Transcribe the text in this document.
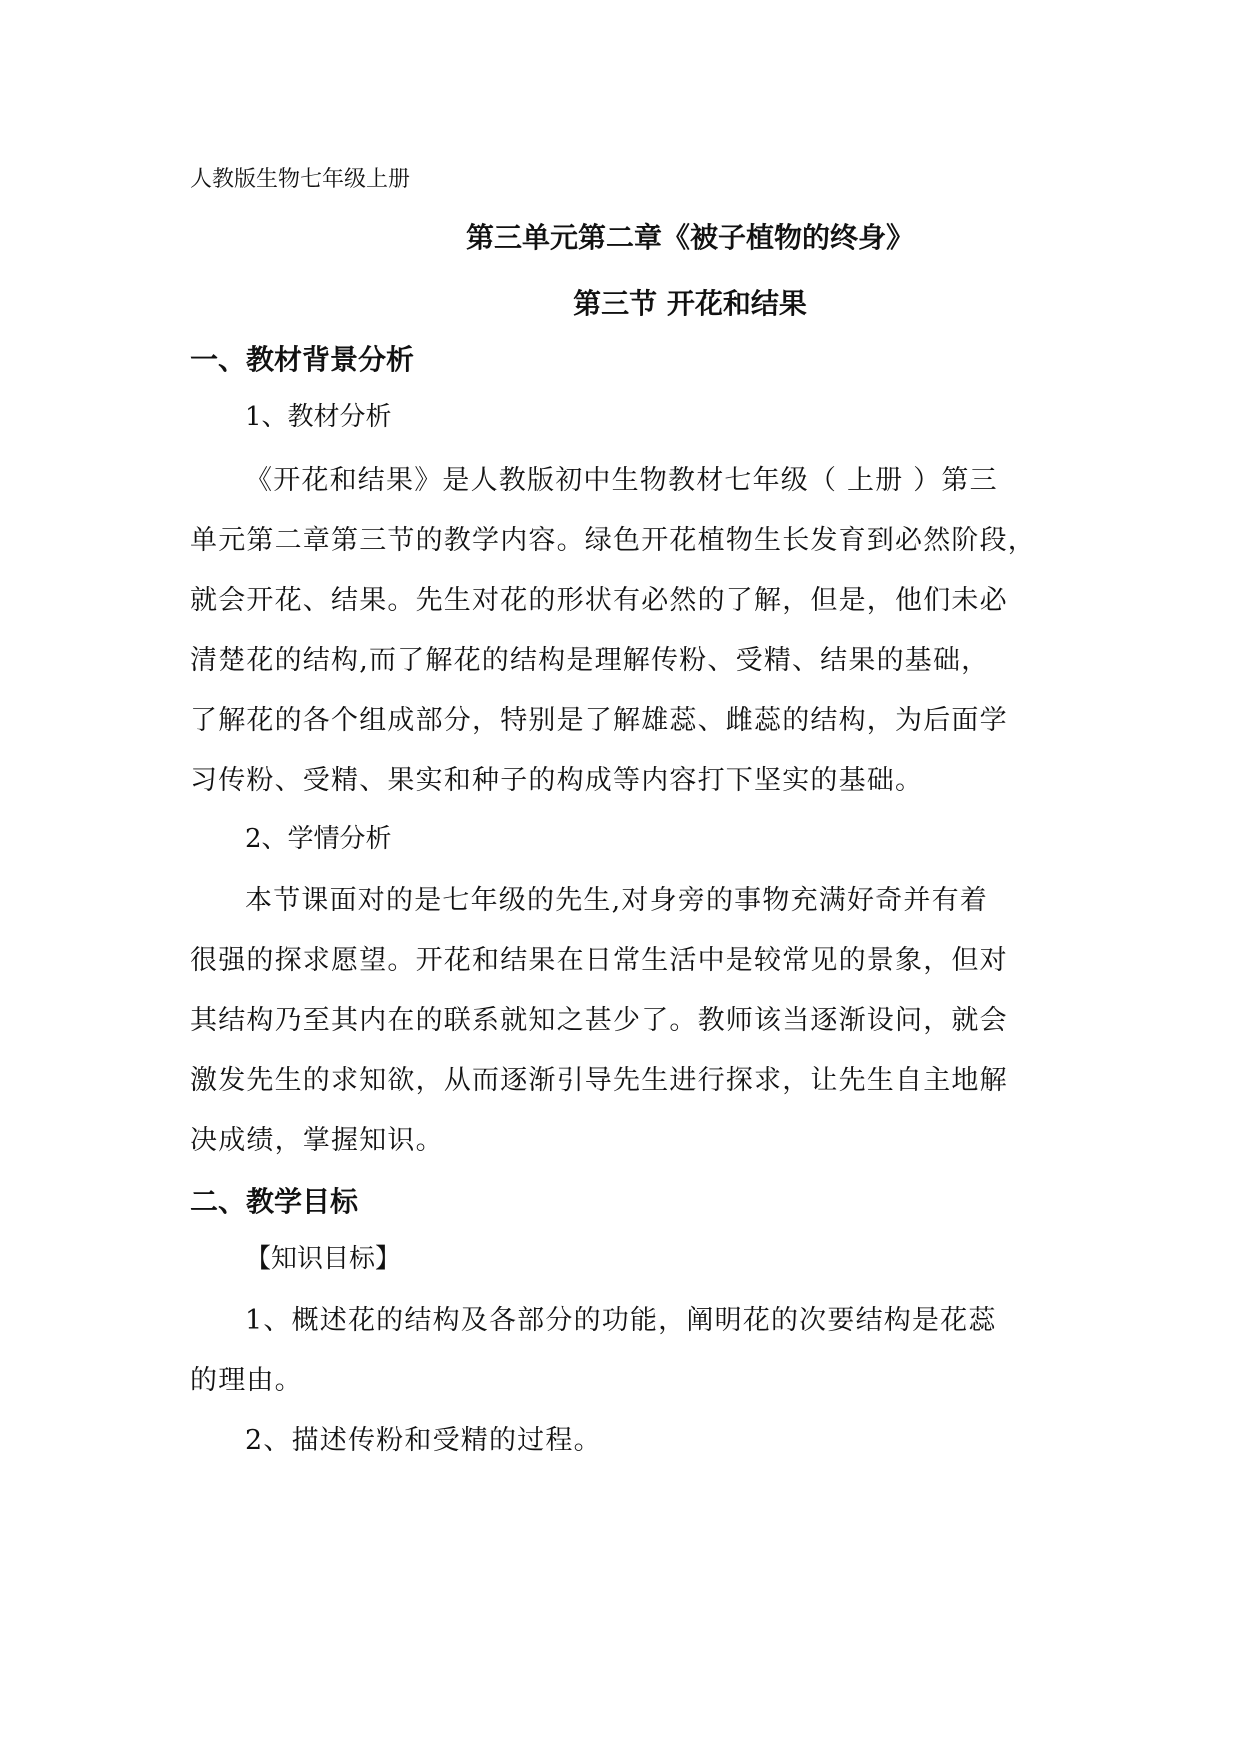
人教版生物七年级上册
第三单元第二章《被子植物的终身》
第三节 开花和结果
一、教材背景分析
1、教材分析
《开花和结果》是人教版初中生物教材七年级（ 上册 ）第三
单元第二章第三节的教学内容。绿色开花植物生长发育到必然阶段，
就会开花、结果。先生对花的形状有必然的了解，但是，他们未必
清楚花的结构,而了解花的结构是理解传粉、受精、结果的基础，
了解花的各个组成部分，特别是了解雄蕊、雌蕊的结构，为后面学
习传粉、受精、果实和种子的构成等内容打下坚实的基础。
2、学情分析
本节课面对的是七年级的先生,对身旁的事物充满好奇并有着
很强的探求愿望。开花和结果在日常生活中是较常见的景象，但对
其结构乃至其内在的联系就知之甚少了。教师该当逐渐设问，就会
激发先生的求知欲，从而逐渐引导先生进行探求，让先生自主地解
决成绩，掌握知识。
二、教学目标
【知识目标】
1、概述花的结构及各部分的功能，阐明花的次要结构是花蕊
的理由。
2、描述传粉和受精的过程。
